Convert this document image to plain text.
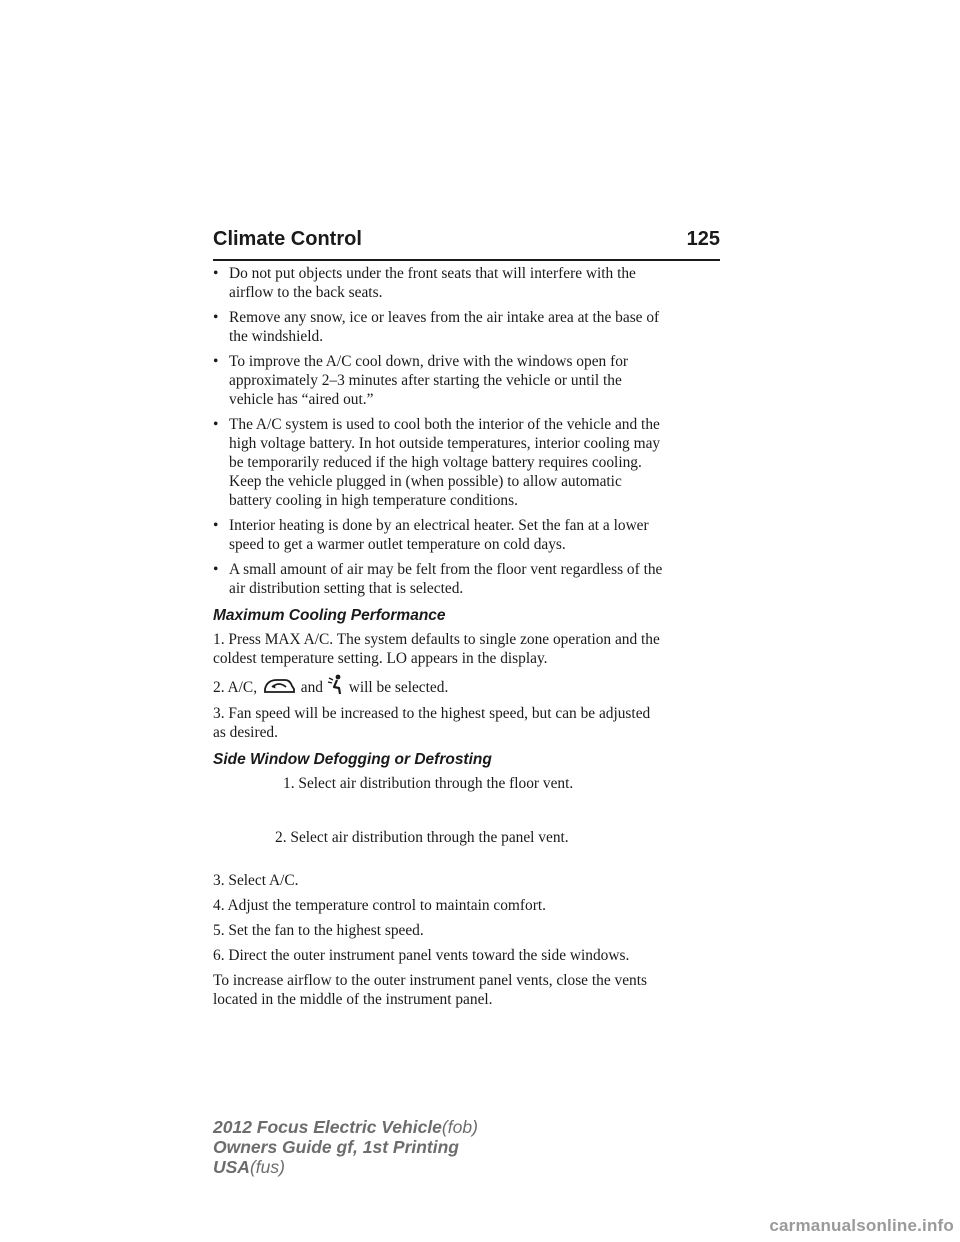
Climate Control	125
• Do not put objects under the front seats that will interfere with the
airflow to the back seats.
• Remove any snow, ice or leaves from the air intake area at the base of
the windshield.
• To improve the A/C cool down, drive with the windows open for
approximately 2–3 minutes after starting the vehicle or until the
vehicle has “aired out.”
• The A/C system is used to cool both the interior of the vehicle and the
high voltage battery. In hot outside temperatures, interior cooling may
be temporarily reduced if the high voltage battery requires cooling.
Keep the vehicle plugged in (when possible) to allow automatic
battery cooling in high temperature conditions.
• Interior heating is done by an electrical heater. Set the fan at a lower
speed to get a warmer outlet temperature on cold days.
• A small amount of air may be felt from the floor vent regardless of the
air distribution setting that is selected.
Maximum Cooling Performance
1. Press MAX A/C. The system defaults to single zone operation and the
coldest temperature setting. LO appears in the display.
2. A/C,	and will be selected.
3. Fan speed will be increased to the highest speed, but can be adjusted
as desired.
Side Window Defogging or Defrosting
1. Select air distribution through the floor vent.
2. Select air distribution through the panel vent.
3. Select A/C.
4. Adjust the temperature control to maintain comfort.
5. Set the fan to the highest speed.
6. Direct the outer instrument panel vents toward the side windows.
To increase airflow to the outer instrument panel vents, close the vents
located in the middle of the instrument panel.
2012 Focus Electric Vehicle(fob)
Owners Guide gf, 1st Printing
USA(fus)
carmanualsonline.info
